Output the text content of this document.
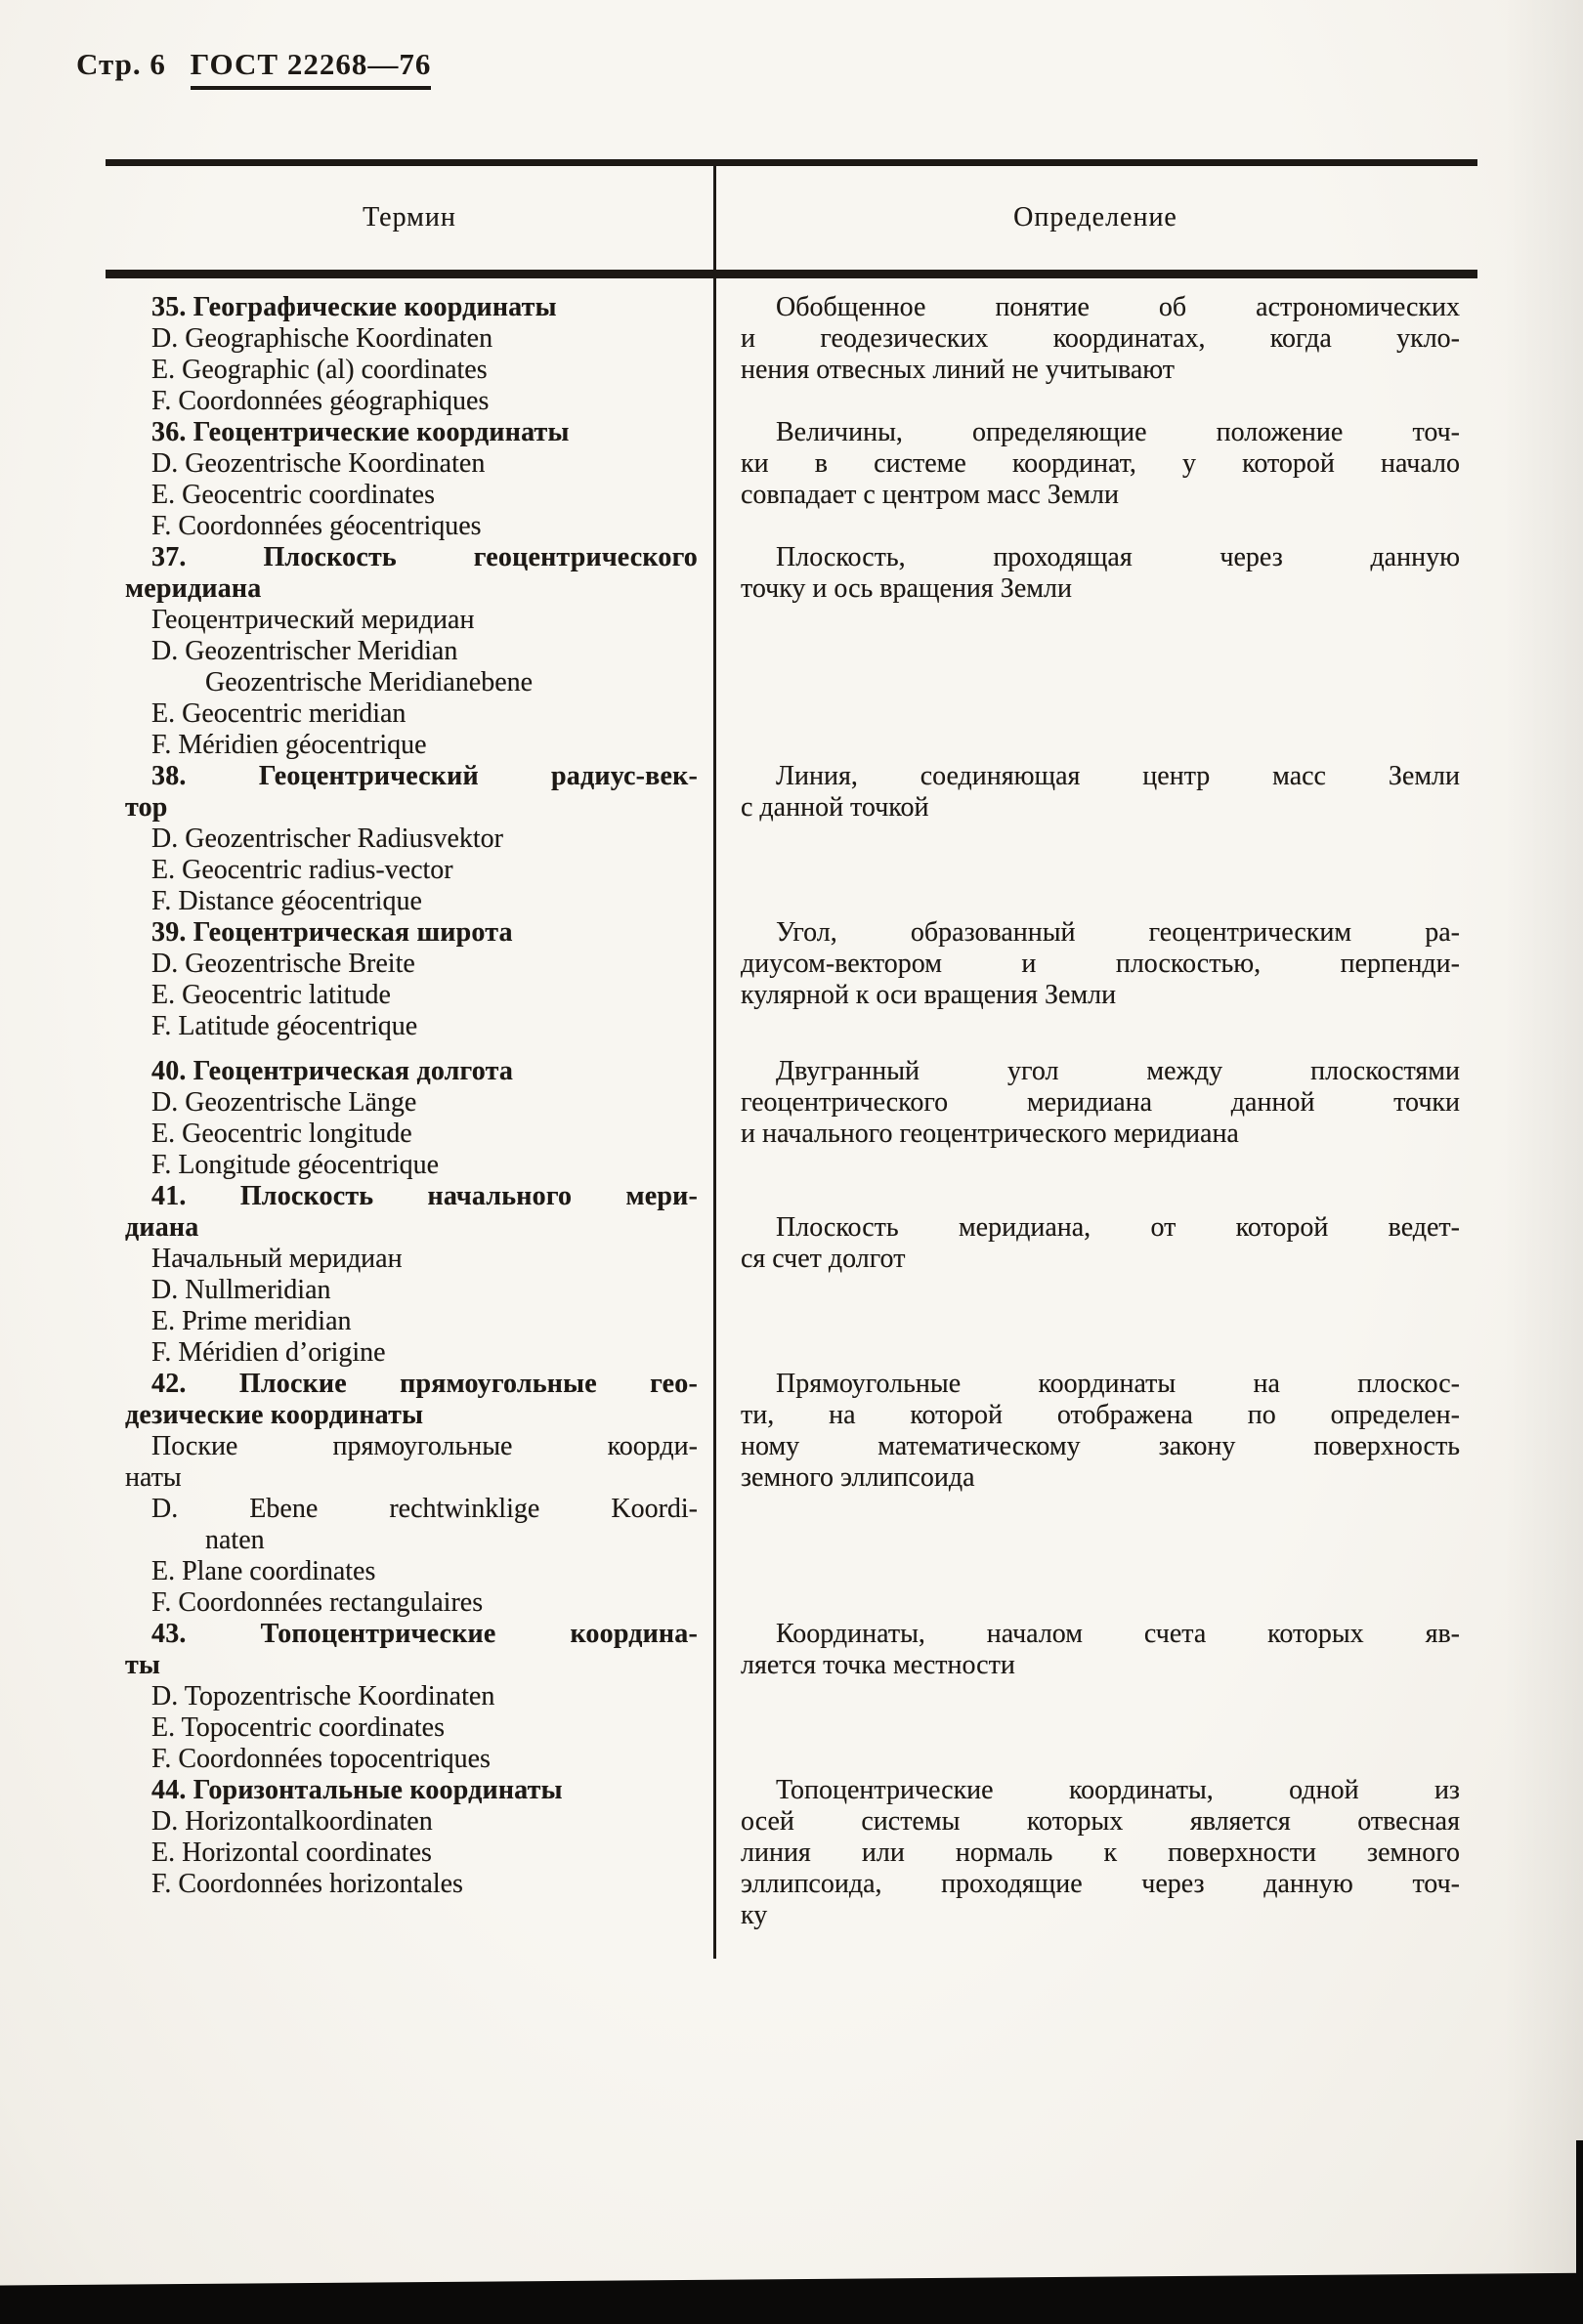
Стр. 6 ГОСТ 22268—76
Термин	Определение
35. Географические координаты
D. Geographische Koordinaten
E. Geographic (al) coordinates
F. Coordonnées géographiques
Обобщенное понятие об астрономических
и геодезических координатах, когда укло-
нения отвесных линий не учитывают
36. Геоцентрические координаты
D. Geozentrische Koordinaten
E. Geocentric coordinates
F. Coordonnées géocentriques
Величины, определяющие положение точ-
ки в системе координат, у которой начало
совпадает с центром масс Земли
37. Плоскость геоцентрического
меридиана
Геоцентрический меридиан
D. Geozentrischer Meridian
Geozentrische Meridianebene
E. Geocentric meridian
F. Méridien géocentrique
Плоскость, проходящая через данную
точку и ось вращения Земли
38. Геоцентрический радиус-век-
тор
D. Geozentrischer Radiusvektor
E. Geocentric radius-vector
F. Distance géocentrique
Линия, соединяющая центр масс Земли
с данной точкой
39. Геоцентрическая широта
D. Geozentrische Breite
E. Geocentric latitude
F. Latitude géocentrique
Угол, образованный геоцентрическим ра-
диусом-вектором и плоскостью, перпенди-
кулярной к оси вращения Земли
40. Геоцентрическая долгота
D. Geozentrische Länge
E. Geocentric longitude
F. Longitude géocentrique
Двугранный угол между плоскостями
геоцентрического меридиана данной точки
и начального геоцентрического меридиана
41. Плоскость начального мери-
диана
Начальный меридиан
D. Nullmeridian
E. Prime meridian
F. Méridien d’origine
Плоскость меридиана, от которой ведет-
ся счет долгот
42. Плоские прямоугольные гео-
дезические координаты
Поские прямоугольные коорди-
наты
D. Ebene rechtwinklige Koordi-
naten
E. Plane coordinates
F. Coordonnées rectangulaires
Прямоугольные координаты на плоскос-
ти, на которой отображена по определен-
ному математическому закону поверхность
земного эллипсоида
43. Топоцентрические координа-
ты
D. Topozentrische Koordinaten
E. Topocentric coordinates
F. Coordonnées topocentriques
Координаты, началом счета которых яв-
ляется точка местности
44. Горизонтальные координаты
D. Horizontalkoordinaten
E. Horizontal coordinates
F. Coordonnées horizontales
Топоцентрические координаты, одной из
осей системы которых является отвесная
линия или нормаль к поверхности земного
эллипсоида, проходящие через данную точ-
ку
